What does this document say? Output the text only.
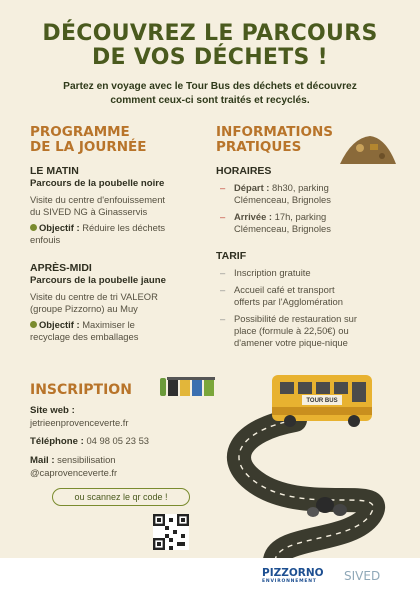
DÉCOUVREZ LE PARCOURS
DE VOS DÉCHETS !
Partez en voyage avec le Tour Bus des déchets et découvrez
comment ceux-ci sont traités et recyclés.
PROGRAMME
DE LA JOURNÉE
LE MATIN
Parcours de la poubelle noire
Visite du centre d'enfouissement
du SIVED NG à Ginasservis
Objectif : Réduire les déchets
enfouis
APRÈS-MIDI
Parcours de la poubelle jaune
Visite du centre de tri VALEOR
(groupe Pizzorno) au Muy
Objectif : Maximiser le
recyclage des emballages
INFORMATIONS
PRATIQUES
HORAIRES
– Départ : 8h30, parking
Clémenceau, Brignoles
– Arrivée : 17h, parking
Clémenceau, Brignoles
TARIF
– Inscription gratuite
– Accueil café et transport
offerts par l'Agglomération
– Possibilité de restauration sur
place (formule à 22,50€) ou
d'amener votre pique-nique
INSCRIPTION
Site web :
jetrieenprovenceverte.fr
Téléphone : 04 98 05 23 53
Mail : sensibilisation
@caprovenceverte.fr
ou scannez le qr code !
TOUR BUS
PIZZORNO
ENVIRONNEMENT	SIVED
